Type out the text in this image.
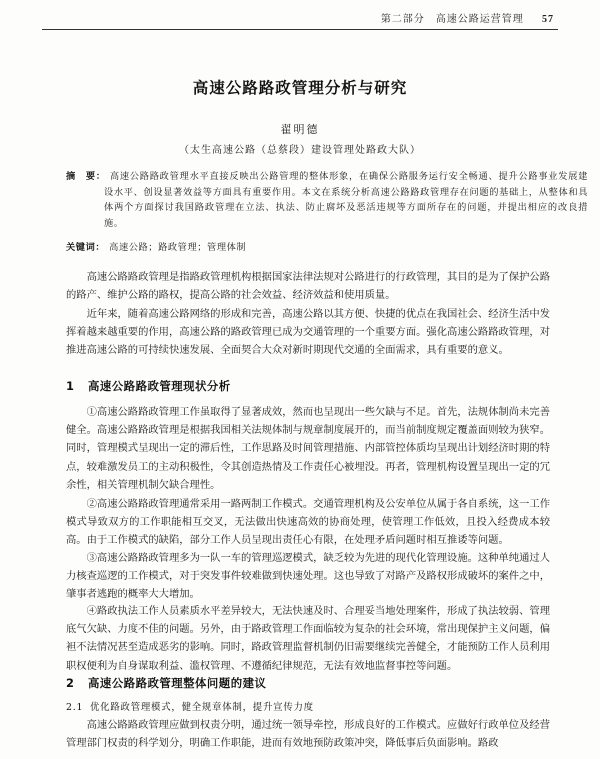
第二部分　高速公路运营管理 57
高速公路路政管理分析与研究
翟明德
（太生高速公路（总蔡段）建设管理处路政大队）
摘　要： 高速公路路政管理水平直接反映出公路管理的整体形象，在确保公路服务运行安全畅通、提升公路事业发展建设水平、创设显著效益等方面具有重要作用。本文在系统分析高速公路路政管理存在问题的基础上，从整体和具体两个方面探讨我国路政管理在立法、执法、防止腐坏及恶活违规等方面所存在的问题，并提出相应的改良措施。
关键词： 高速公路；路政管理；管理体制
高速公路路政管理是指路政管理机构根据国家法律法规对公路进行的行政管理，其目的是为了保护公路的路产、维护公路的路权，提高公路的社会效益、经济效益和使用质量。
近年来，随着高速公路网络的形成和完善，高速公路以其方便、快捷的优点在我国社会、经济生活中发挥着越来越重要的作用，高速公路的路政管理已成为交通管理的一个重要方面。强化高速公路路政管理，对推进高速公路的可持续快速发展、全面契合大众对新时期现代交通的全面需求，具有重要的意义。
1 高速公路路政管理现状分析
①高速公路路政管理工作虽取得了显著成效，然而也呈现出一些欠缺与不足。首先，法规体制尚未完善健全。高速公路路政管理是根据我国相关法规体制与规章制度展开的，而当前制度规定覆盖面则较为狭窄。同时，管理模式呈现出一定的滞后性，工作思路及时间管理措施、内部管控体质均呈现出计划经济时期的特点，较难激发员工的主动积极性，令其创造热情及工作责任心被埋没。再者，管理机构设置呈现出一定的冗余性，相关管理机制欠缺合理性。
②高速公路路政管理通常采用一路两制工作模式。交通管理机构及公安单位从属于各自系统，这一工作模式导致双方的工作职能相互交叉，无法做出快速高效的协商处理，使管理工作低效，且投入经费成本较高。由于工作模式的缺陷，部分工作人员呈现出责任心有限，在处理矛盾问题时相互推诿等问题。
③高速公路路政管理多为一队一车的管理巡逻模式，缺乏较为先进的现代化管理设施。这种单纯通过人力核查巡逻的工作模式，对于突发事件较难做到快速处理。这也导致了对路产及路权形成破坏的案件之中，肇事者逃跑的概率大大增加。
④路政执法工作人员素质水平差异较大，无法快速及时、合理妥当地处理案件，形成了执法较弱、管理底气欠缺、力度不佳的问题。另外，由于路政管理工作面临较为复杂的社会环境，常出现保护主义问题，偏袒不法情况甚至造成恶劣的影响。同时，路政管理监督机制仍旧需要继续完善健全，才能预防工作人员利用职权便利为自身谋取利益、滥权管理、不遵循纪律规范，无法有效地监督事控等问题。
2 高速公路路政管理整体问题的建议
2.1 优化路政管理模式，健全规章体制，提升宣传力度
高速公路路政管理应做到权责分明，通过统一领导牵控，形成良好的工作模式。应做好行政单位及经营管理部门权责的科学划分，明确工作职能，进而有效地预防政策冲突，降低事后负面影响。路政
